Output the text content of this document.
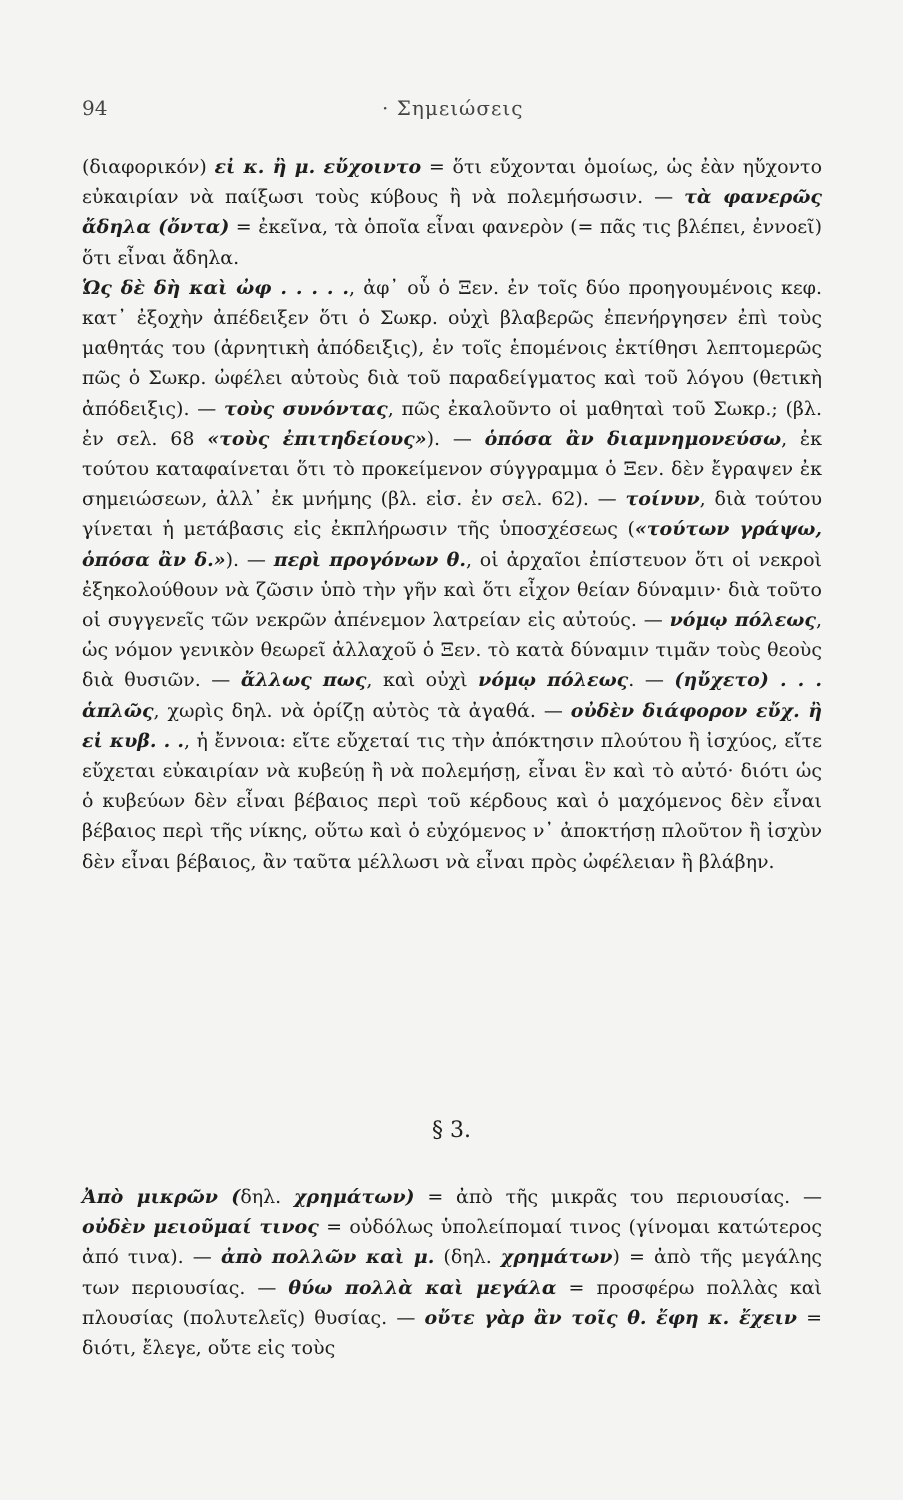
94	· Σημειώσεις

(διαφορικόν) εἰ κ. ἢ μ. εὔχοιντο = ὅτι εὔχονται ὁμοίως, ὡς ἐὰν ηὔχοντο εὐκαιρίαν νὰ παίξωσι τοὺς κύβους ἢ νὰ πολεμήσωσιν. — τὰ φανερῶς ἄδηλα (ὄντα) = ἐκεῖνα, τὰ ὁποῖα εἶναι φανερὸν (= πᾶς τις βλέπει, ἐννοεῖ) ὅτι εἶναι ἄδηλα.

Ὡς δὲ δὴ καὶ ὠφ . . . . ., ἀφ᾽ οὗ ὁ Ξεν. ἐν τοῖς δύο προηγουμένοις κεφ. κατ᾽ ἐξοχὴν ἀπέδειξεν ὅτι ὁ Σωκρ. οὐχὶ βλαβερῶς ἐπενήργησεν ἐπὶ τοὺς μαθητάς του (ἀρνητικὴ ἀπόδειξις), ἐν τοῖς ἑπομένοις ἐκτίθησι λεπτομερῶς πῶς ὁ Σωκρ. ὠφέλει αὐτοὺς διὰ τοῦ παραδείγματος καὶ τοῦ λόγου (θετικὴ ἀπόδειξις). — τοὺς συνόντας, πῶς ἐκαλοῦντο οἱ μαθηταὶ τοῦ Σωκρ.; (βλ. ἐν σελ. 68 «τοὺς ἐπιτηδείους»). — ὁπόσα ἂν διαμνημονεύσω, ἐκ τούτου καταφαίνεται ὅτι τὸ προκείμενον σύγγραμμα ὁ Ξεν. δὲν ἔγραψεν ἐκ σημειώσεων, ἀλλ᾽ ἐκ μνήμης (βλ. εἰσ. ἐν σελ. 62). — τοίνυν, διὰ τούτου γίνεται ἡ μετάβασις εἰς ἐκπλήρωσιν τῆς ὑποσχέσεως («τούτων γράψω, ὁπόσα ἂν δ.»). — περὶ προγόνων θ., οἱ ἀρχαῖοι ἐπίστευον ὅτι οἱ νεκροὶ ἐξηκολούθουν νὰ ζῶσιν ὑπὸ τὴν γῆν καὶ ὅτι εἶχον θείαν δύναμιν· διὰ τοῦτο οἱ συγγενεῖς τῶν νεκρῶν ἀπένεμον λατρείαν εἰς αὐτούς. — νόμῳ πόλεως, ὡς νόμον γενικὸν θεωρεῖ ἀλλαχοῦ ὁ Ξεν. τὸ κατὰ δύναμιν τιμᾶν τοὺς θεοὺς διὰ θυσιῶν. — ἄλλως πως, καὶ οὐχὶ νόμῳ πόλεως. — (ηὔχετο) . . . ἁπλῶς, χωρὶς δηλ. νὰ ὁρίζῃ αὐτὸς τὰ ἀγαθά. — οὐδὲν διάφορον εὔχ. ἢ εἰ κυβ. . ., ἡ ἔννοια: εἴτε εὔχεταί τις τὴν ἀπόκτησιν πλούτου ἢ ἰσχύος, εἴτε εὔχεται εὐκαιρίαν νὰ κυβεύῃ ἢ νὰ πολεμήσῃ, εἶναι ἓν καὶ τὸ αὐτό· διότι ὡς ὁ κυβεύων δὲν εἶναι βέβαιος περὶ τοῦ κέρδους καὶ ὁ μαχόμενος δὲν εἶναι βέβαιος περὶ τῆς νίκης, οὕτω καὶ ὁ εὐχόμενος ν᾽ ἀποκτήσῃ πλοῦτον ἢ ἰσχὺν δὲν εἶναι βέβαιος, ἂν ταῦτα μέλλωσι νὰ εἶναι πρὸς ὠφέλειαν ἢ βλάβην.

§ 3.

Ἀπὸ μικρῶν (δηλ. χρημάτων) = ἀπὸ τῆς μικρᾶς του περιουσίας. — οὐδὲν μειοῦμαί τινος = οὐδόλως ὑπολείπομαί τινος (γίνομαι κατώτερος ἀπό τινα). — ἀπὸ πολλῶν καὶ μ. (δηλ. χρημάτων) = ἀπὸ τῆς μεγάλης των περιουσίας. — θύω πολλὰ καὶ μεγάλα = προσφέρω πολλὰς καὶ πλουσίας (πολυτελεῖς) θυσίας. — οὔτε γὰρ ἂν τοῖς θ. ἔφη κ. ἔχειν = διότι, ἔλεγε, οὔτε εἰς τοὺς
